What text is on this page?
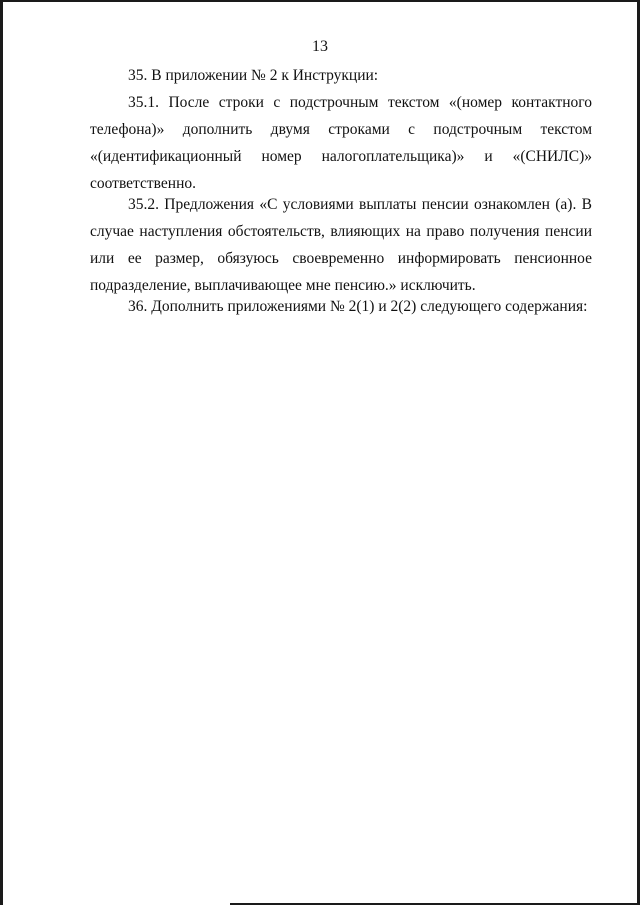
13

35. В приложении № 2 к Инструкции:

35.1. После строки с подстрочным текстом «(номер контактного телефона)» дополнить двумя строками с подстрочным текстом «(идентификационный номер налогоплательщика)» и «(СНИЛС)» соответственно.

35.2. Предложения «С условиями выплаты пенсии ознакомлен (а). В случае наступления обстоятельств, влияющих на право получения пенсии или ее размер, обязуюсь своевременно информировать пенсионное подразделение, выплачивающее мне пенсию.» исключить.

36. Дополнить приложениями № 2(1) и 2(2) следующего содержания:
